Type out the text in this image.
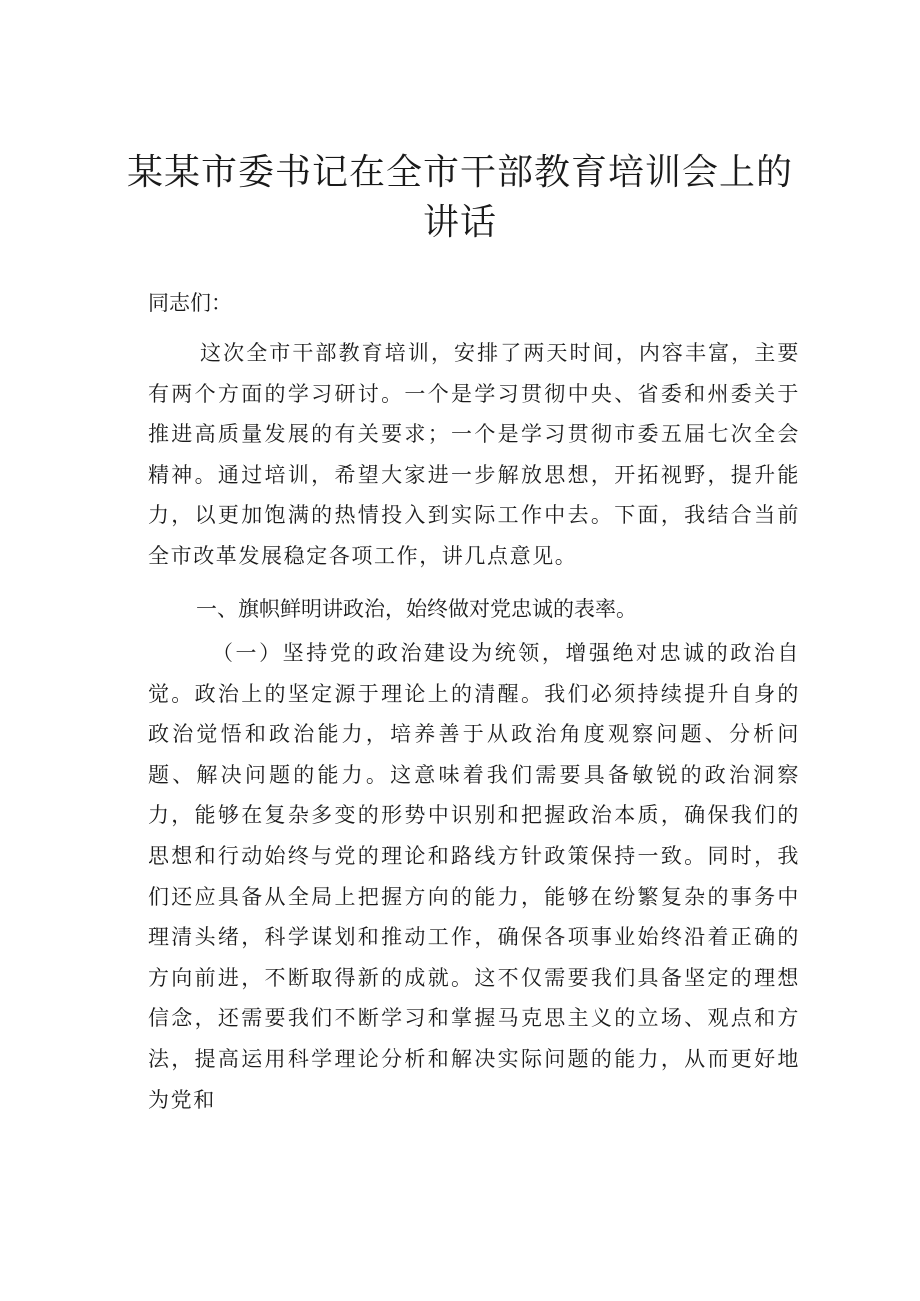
某某市委书记在全市干部教育培训会上的
讲话

同志们：

这次全市干部教育培训，安排了两天时间，内容丰富，主要有两个方面的学习研讨。一个是学习贯彻中央、省委和州委关于推进高质量发展的有关要求；一个是学习贯彻市委五届七次全会精神。通过培训，希望大家进一步解放思想，开拓视野，提升能力，以更加饱满的热情投入到实际工作中去。下面，我结合当前全市改革发展稳定各项工作，讲几点意见。

一、旗帜鲜明讲政治，始终做对党忠诚的表率。

（一）坚持党的政治建设为统领，增强绝对忠诚的政治自觉。政治上的坚定源于理论上的清醒。我们必须持续提升自身的政治觉悟和政治能力，培养善于从政治角度观察问题、分析问题、解决问题的能力。这意味着我们需要具备敏锐的政治洞察力，能够在复杂多变的形势中识别和把握政治本质，确保我们的思想和行动始终与党的理论和路线方针政策保持一致。同时，我们还应具备从全局上把握方向的能力，能够在纷繁复杂的事务中理清头绪，科学谋划和推动工作，确保各项事业始终沿着正确的方向前进，不断取得新的成就。这不仅需要我们具备坚定的理想信念，还需要我们不断学习和掌握马克思主义的立场、观点和方法，提高运用科学理论分析和解决实际问题的能力，从而更好地为党和
